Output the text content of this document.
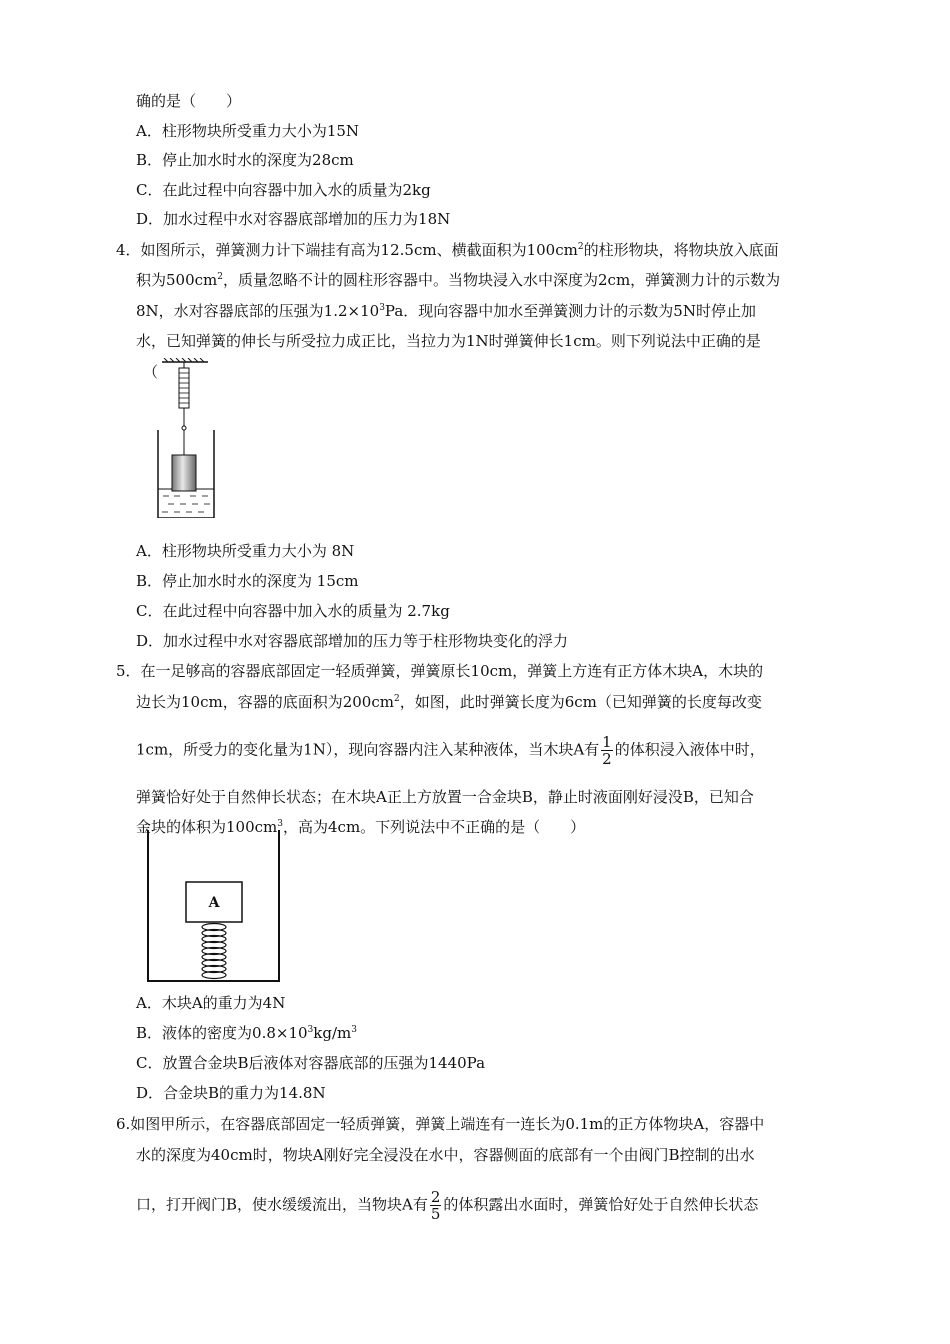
确的是（　　）
A．柱形物块所受重力大小为15N
B．停止加水时水的深度为28cm
C．在此过程中向容器中加入水的质量为2kg
D．加水过程中水对容器底部增加的压力为18N
4．如图所示，弹簧测力计下端挂有高为12.5cm、横截面积为$100cm^2$的柱形物块，将物块放入底面
积为$500cm^2$，质量忽略不计的圆柱形容器中。当物块浸入水中深度为2cm，弹簧测力计的示数为
8N，水对容器底部的压强为$1.2\times 10^3Pa$．现向容器中加水至弹簧测力计的示数为5N时停止加
水，已知弹簧的伸长与所受拉力成正比，当拉力为1N时弹簧伸长1cm。则下列说法中正确的是
（
A．柱形物块所受重力大小为 8N
B．停止加水时水的深度为 15cm
C．在此过程中向容器中加入水的质量为 2.7kg
D．加水过程中水对容器底部增加的压力等于柱形物块变化的浮力
5．在一足够高的容器底部固定一轻质弹簧，弹簧原长10cm，弹簧上方连有正方体木块A，木块的
边长为10cm，容器的底面积为$200cm^2$，如图，此时弹簧长度为6cm（已知弹簧的长度每改变
1cm，所受力的变化量为1N），现向容器内注入某种液体，当木块A有 $\frac{1}{2}$ 的体积浸入液体中时，
弹簧恰好处于自然伸长状态；在木块A正上方放置一合金块B，静止时液面刚好浸没B，已知合
金块的体积为$100cm^3$，高为4cm。下列说法中不正确的是（　　）
A
A．木块A的重力为4N
B．液体的密度为$0.8\times 10^3kg/m^3$
C．放置合金块B后液体对容器底部的压强为1440Pa
D．合金块B的重力为14.8N
6.如图甲所示，在容器底部固定一轻质弹簧，弹簧上端连有一连长为0.1m的正方体物块A，容器中
水的深度为40cm时，物块A刚好完全浸没在水中，容器侧面的底部有一个由阀门B控制的出水
口，打开阀门B，使水缓缓流出，当物块A有 $\frac{2}{5}$ 的体积露出水面时，弹簧恰好处于自然伸长状态
